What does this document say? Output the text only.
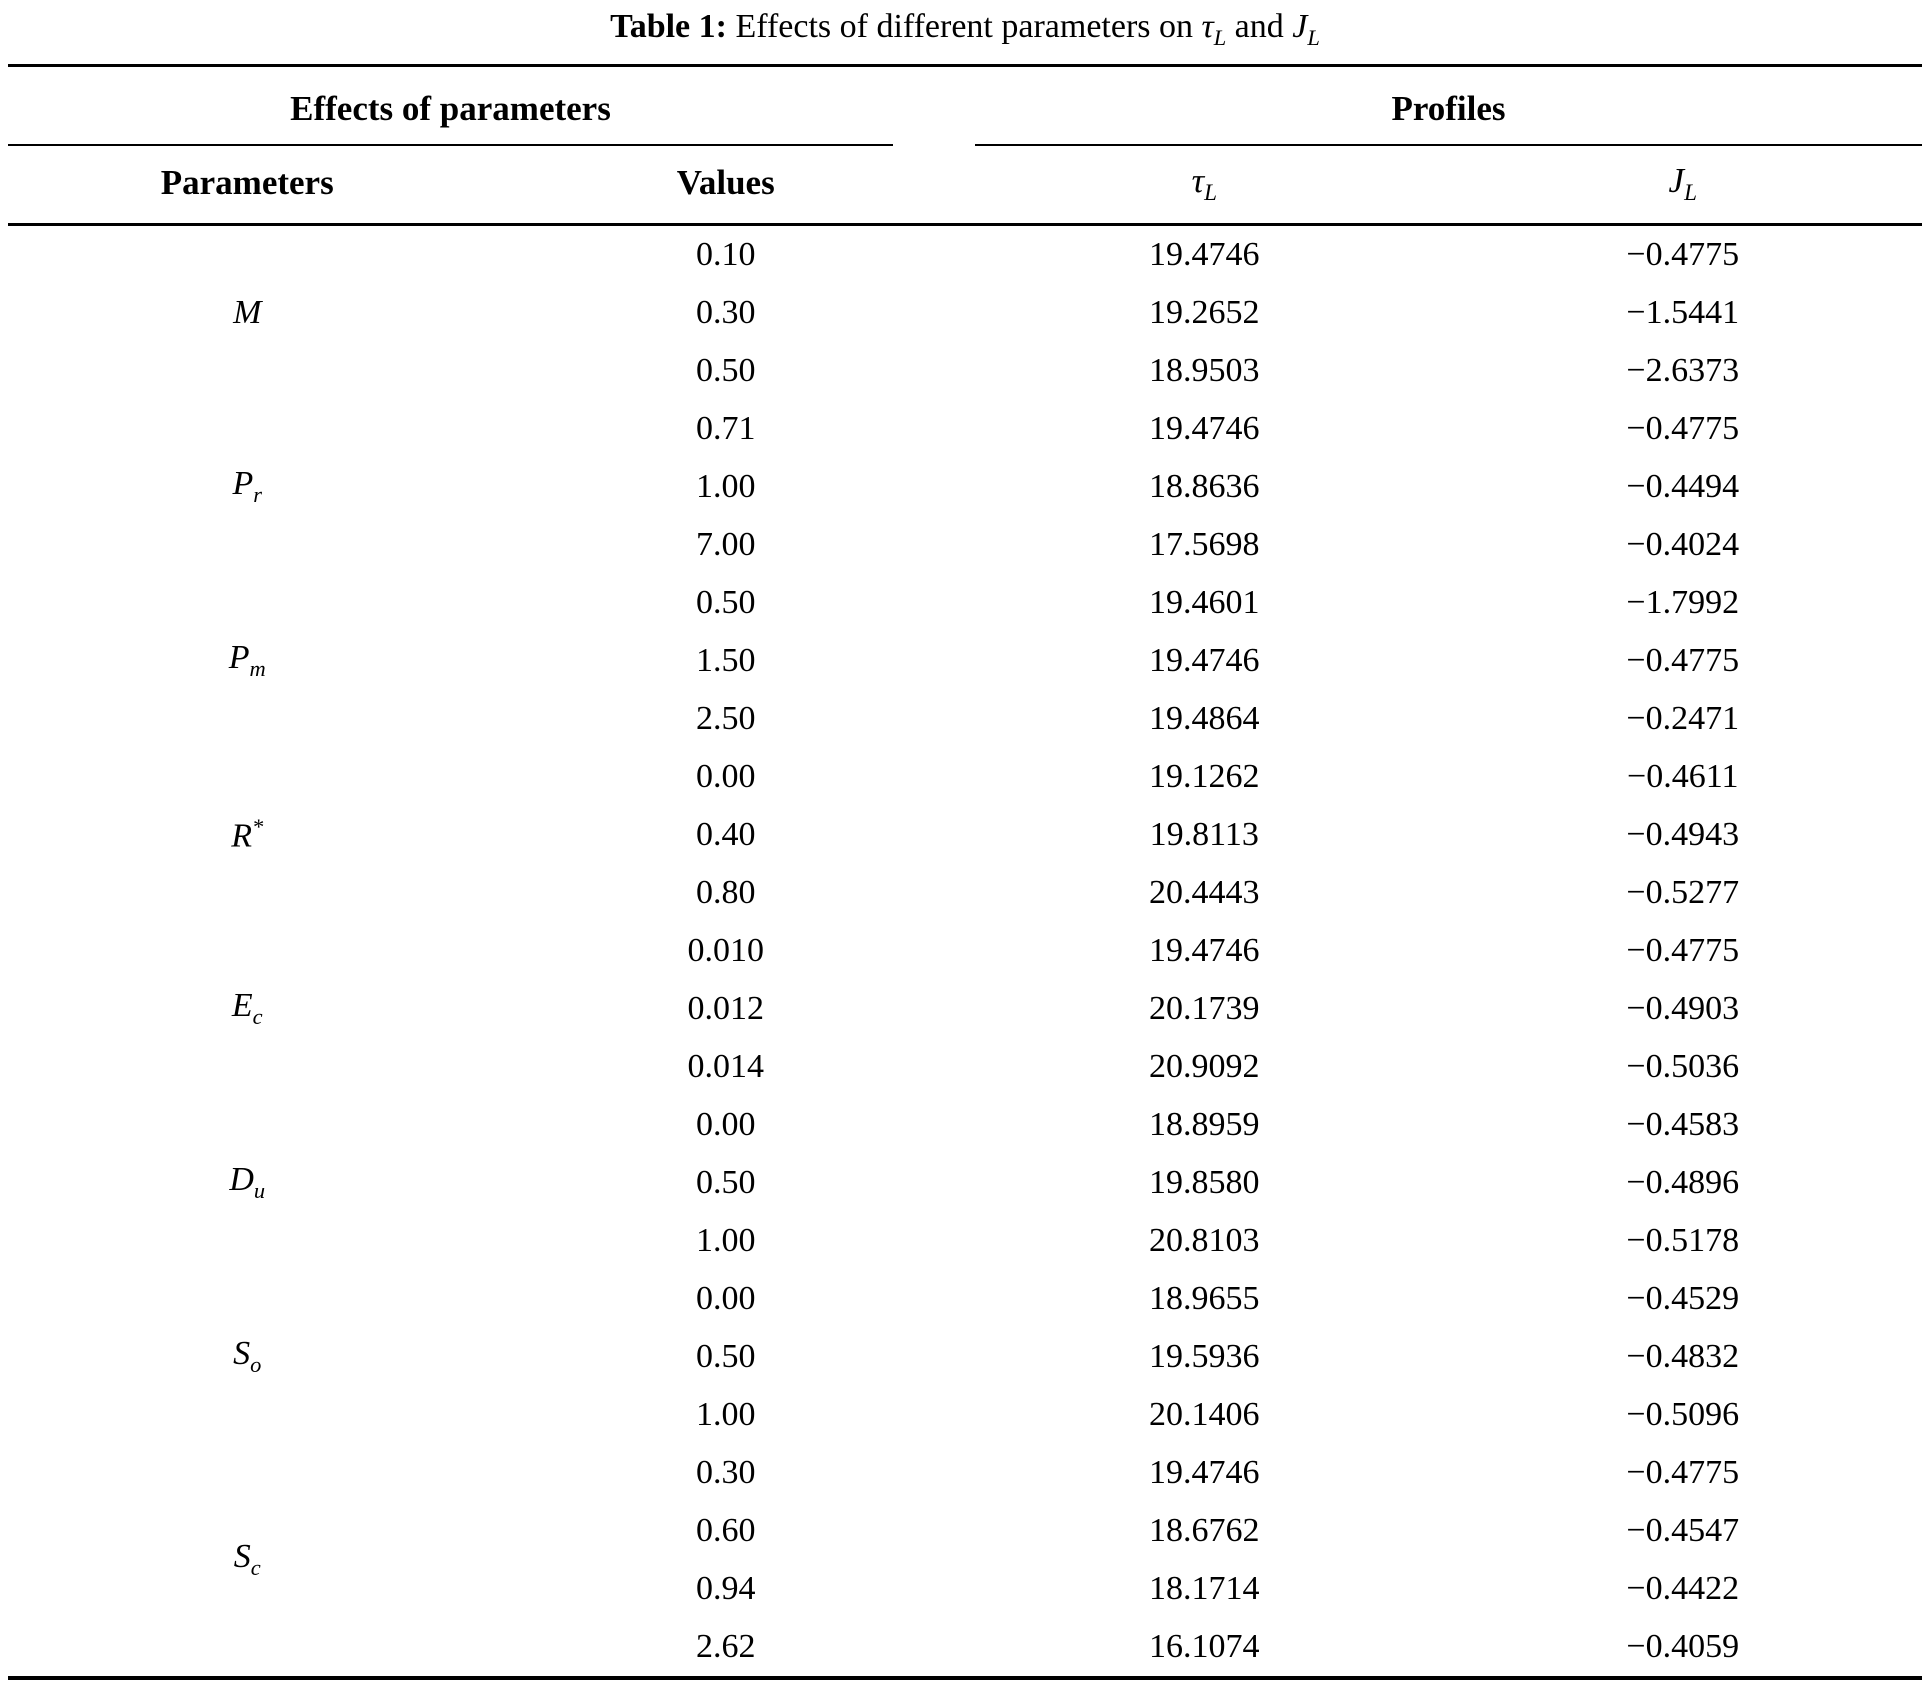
Table 1: Effects of different parameters on $\tau_L$ and $J_L$
Effects of parameters		Profiles	

Parameters	Values	$\tau_L$	$J_L$
M	0.10	19.4746	−0.4775
	0.30	19.2652	−1.5441
	0.50	18.9503	−2.6373
$P_r$	0.71	19.4746	−0.4775
	1.00	18.8636	−0.4494
	7.00	17.5698	−0.4024
$P_m$	0.50	19.4601	−1.7992
	1.50	19.4746	−0.4775
	2.50	19.4864	−0.2471
R*	0.00	19.1262	−0.4611
	0.40	19.8113	−0.4943
	0.80	20.4443	−0.5277
$E_c$	0.010	19.4746	−0.4775
	0.012	20.1739	−0.4903
	0.014	20.9092	−0.5036
$D_u$	0.00	18.8959	−0.4583
	0.50	19.8580	−0.4896
	1.00	20.8103	−0.5178
$S_o$	0.00	18.9655	−0.4529
	0.50	19.5936	−0.4832
	1.00	20.1406	−0.5096
$S_c$	0.30	19.4746	−0.4775
	0.60	18.6762	−0.4547
	0.94	18.1714	−0.4422
	2.62	16.1074	−0.4059
